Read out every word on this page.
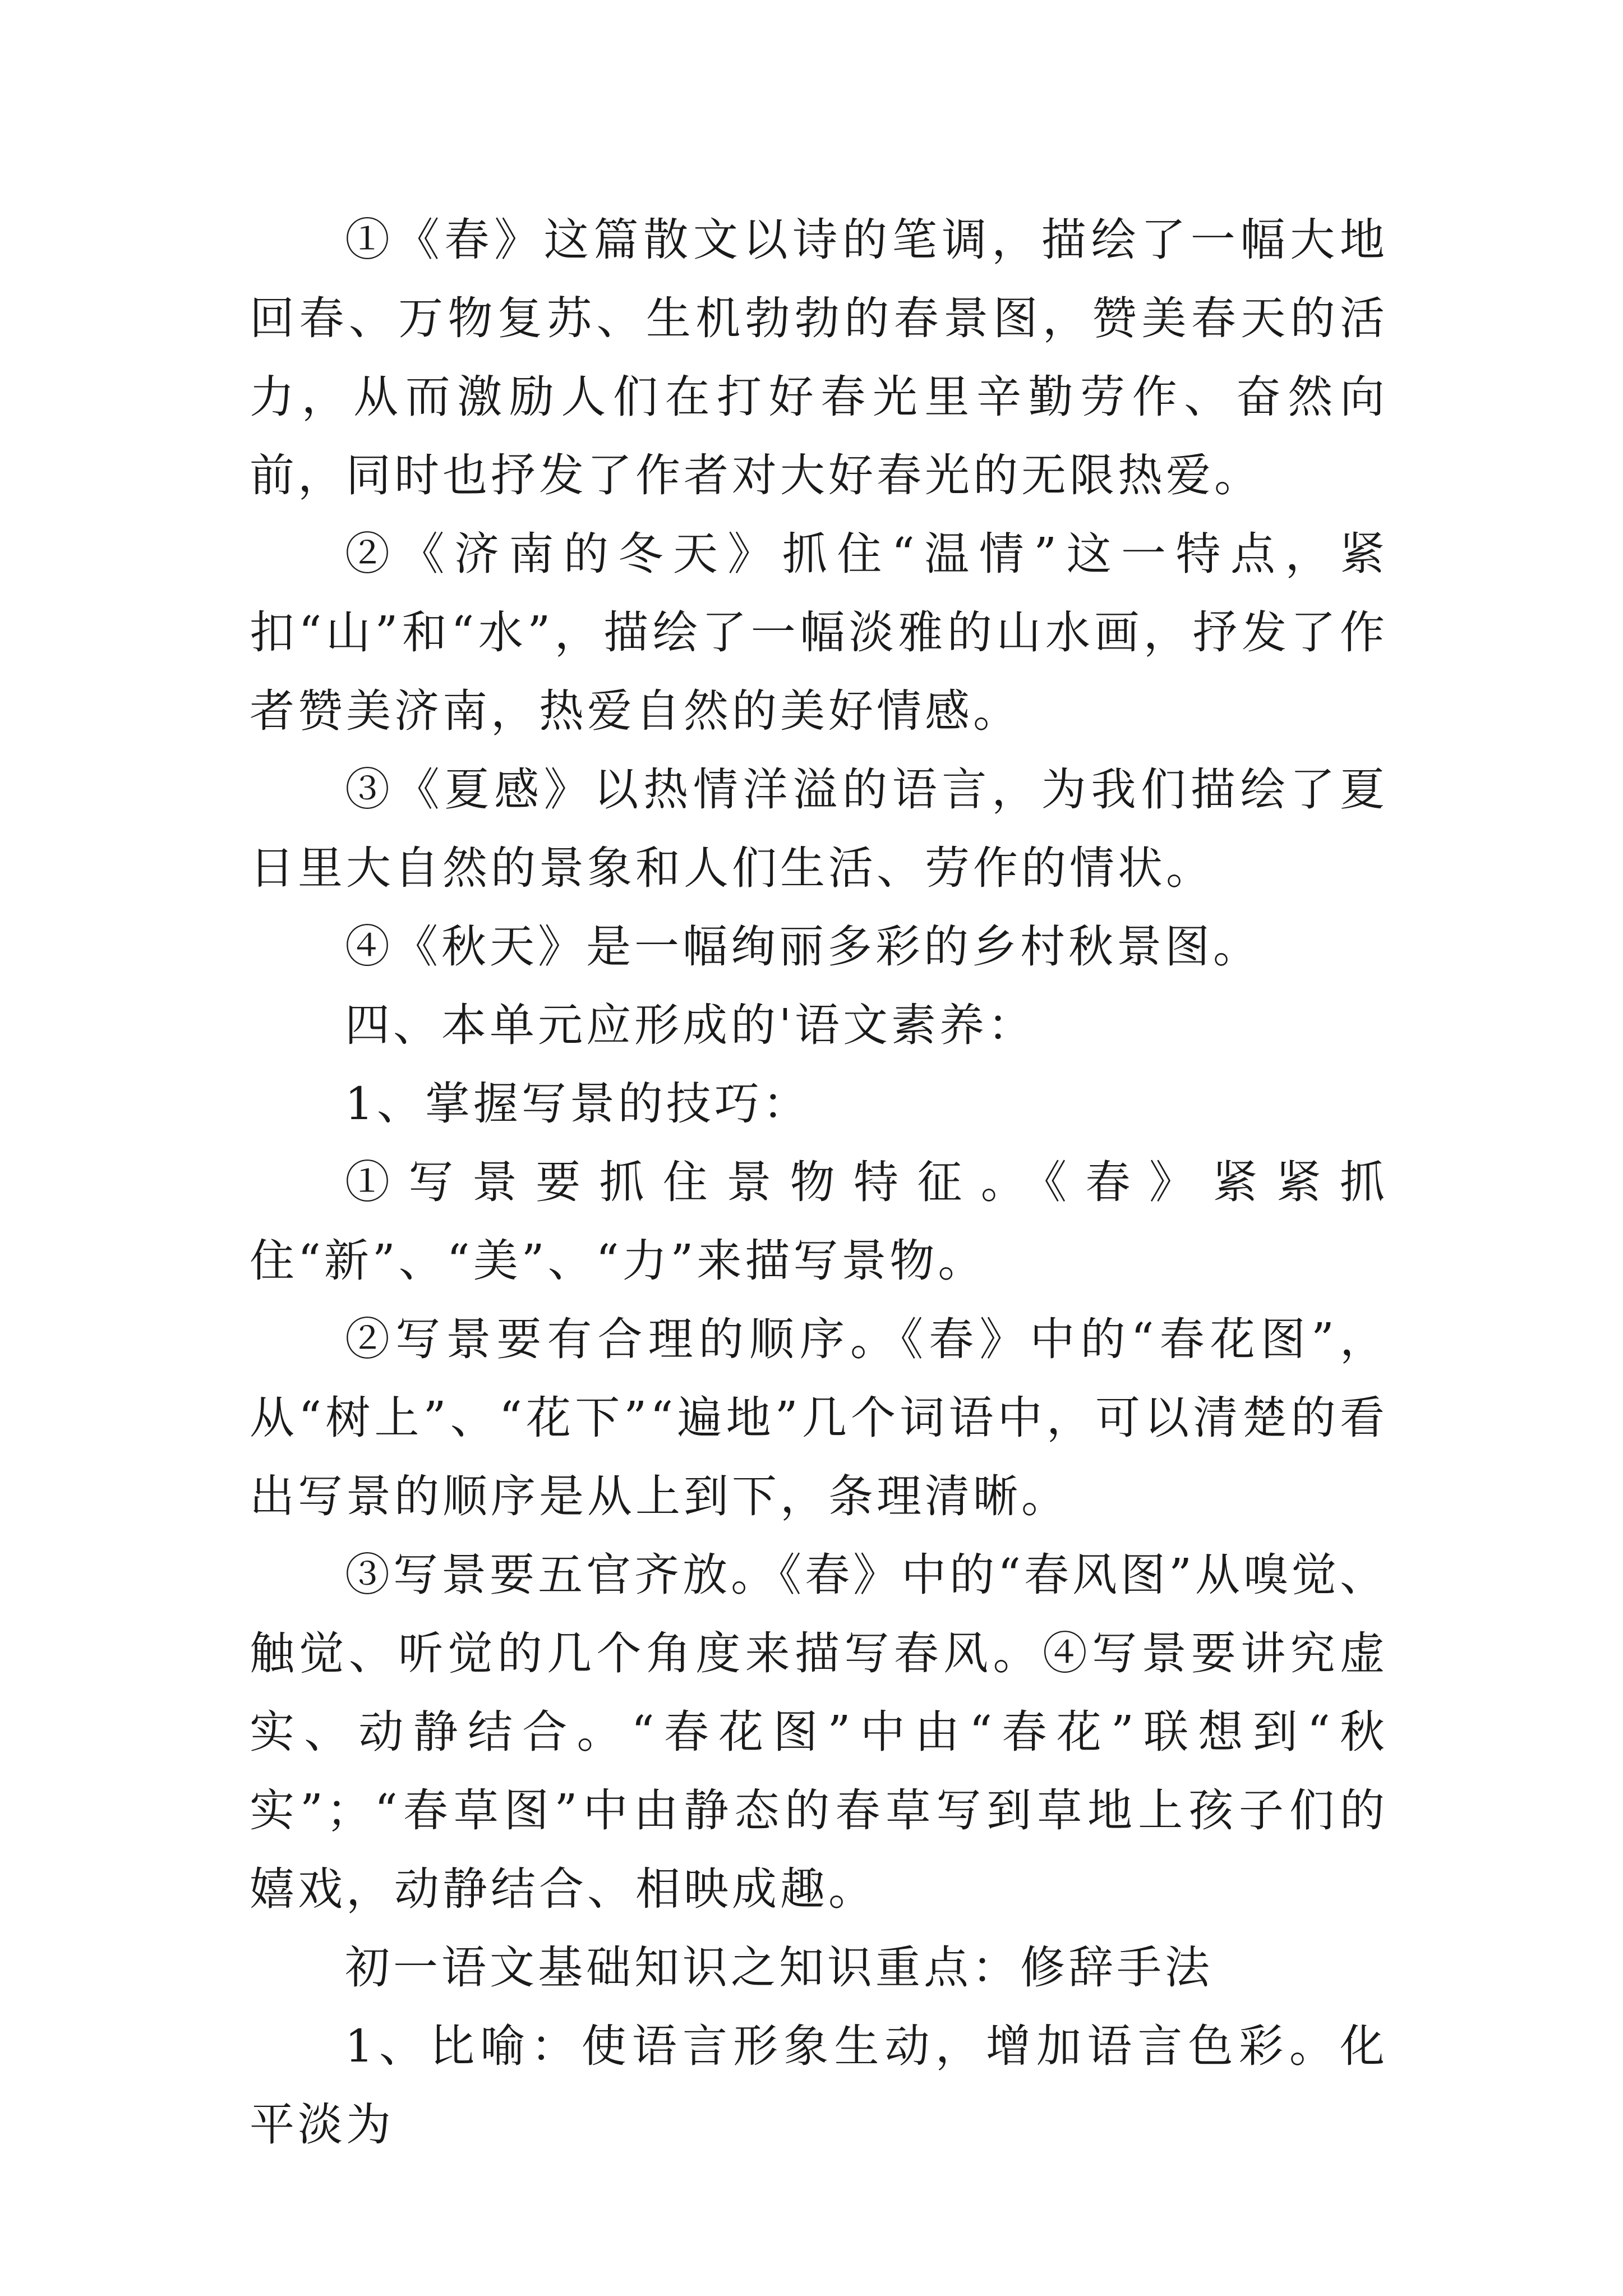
①《春》这篇散文以诗的笔调，描绘了一幅大地回春、万物复苏、生机勃勃的春景图，赞美春天的活力，从而激励人们在打好春光里辛勤劳作、奋然向前，同时也抒发了作者对大好春光的无限热爱。

②《济南的冬天》抓住“温情”这一特点，紧扣“山”和“水”，描绘了一幅淡雅的山水画，抒发了作者赞美济南，热爱自然的美好情感。

③《夏感》以热情洋溢的语言，为我们描绘了夏日里大自然的景象和人们生活、劳作的情状。

④《秋天》是一幅绚丽多彩的乡村秋景图。

四、本单元应形成的'语文素养：

1、掌握写景的技巧：

①写景要抓住景物特征。《春》紧紧抓住“新”、“美”、“力”来描写景物。

②写景要有合理的顺序。《春》中的“春花图”，从“树上”、“花下”“遍地”几个词语中，可以清楚的看出写景的顺序是从上到下，条理清晰。

③写景要五官齐放。《春》中的“春风图”从嗅觉、触觉、听觉的几个角度来描写春风。④写景要讲究虚实、动静结合。“春花图”中由“春花”联想到“秋实”；“春草图”中由静态的春草写到草地上孩子们的嬉戏，动静结合、相映成趣。

初一语文基础知识之知识重点：修辞手法

1、比喻：使语言形象生动，增加语言色彩。化平淡为
